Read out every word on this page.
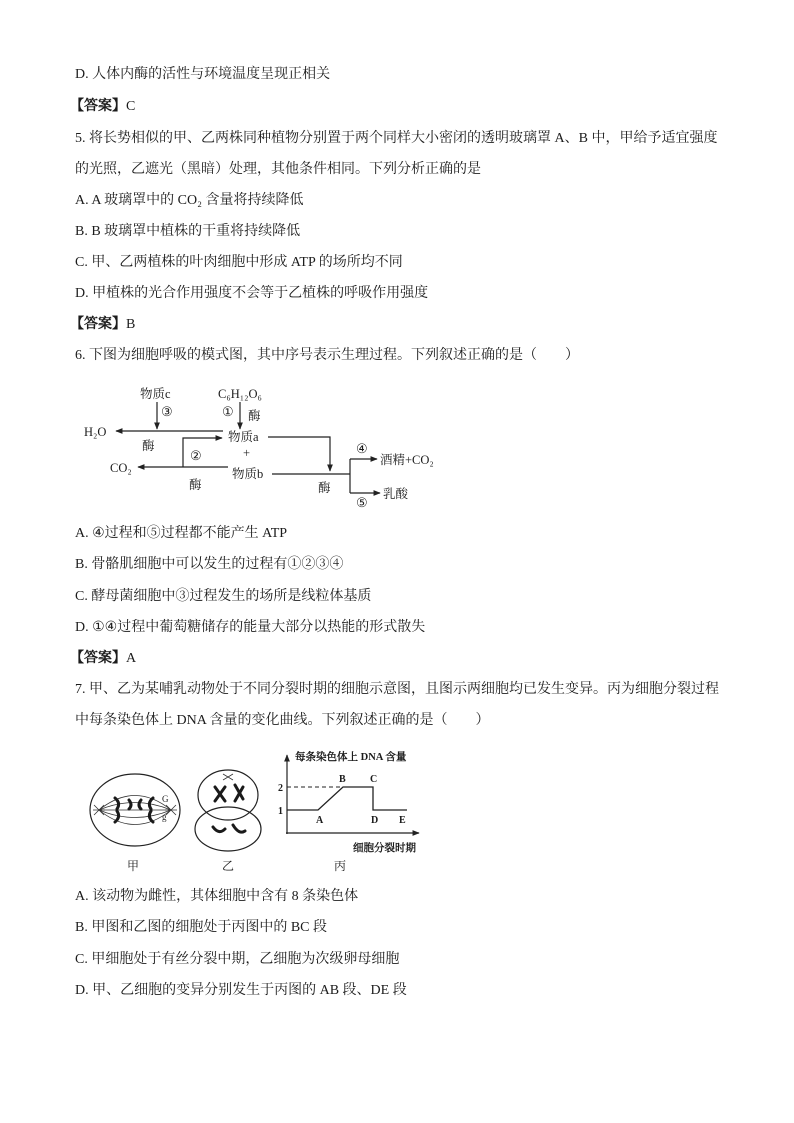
D. 人体内酶的活性与环境温度呈现正相关
【答案】C
5. 将长势相似的甲、乙两株同种植物分别置于两个同样大小密闭的透明玻璃罩 A、B 中，甲给予适宜强度
的光照，乙遮光（黑暗）处理，其他条件相同。下列分析正确的是
A. A 玻璃罩中的 CO₂ 含量将持续降低
B. B 玻璃罩中植株的干重将持续降低
C. 甲、乙两植株的叶肉细胞中形成 ATP 的场所均不同
D. 甲植株的光合作用强度不会等于乙植株的呼吸作用强度
【答案】B
6. 下图为细胞呼吸的模式图，其中序号表示生理过程。下列叙述正确的是（　　）
物质c
③
C₆H₁₂O₆
① 酶
H₂O
酶
物质a
+
②
CO₂	物质b
酶
④
酒精+CO₂
酶
⑤
乳酸
A. ④过程和⑤过程都不能产生 ATP
B. 骨骼肌细胞中可以发生的过程有①②③④
C. 酵母菌细胞中③过程发生的场所是线粒体基质
D. ①④过程中葡萄糖储存的能量大部分以热能的形式散失
【答案】A
7. 甲、乙为某哺乳动物处于不同分裂时期的细胞示意图，且图示两细胞均已发生变异。丙为细胞分裂过程
中每条染色体上 DNA 含量的变化曲线。下列叙述正确的是（　　）
G
g
每条染色体上 DNA 含量
细胞分裂时期
A
B C
D E
2
1
甲	乙	丙
A. 该动物为雌性，其体细胞中含有 8 条染色体
B. 甲图和乙图的细胞处于丙图中的 BC 段
C. 甲细胞处于有丝分裂中期，乙细胞为次级卵母细胞
D. 甲、乙细胞的变异分别发生于丙图的 AB 段、DE 段
